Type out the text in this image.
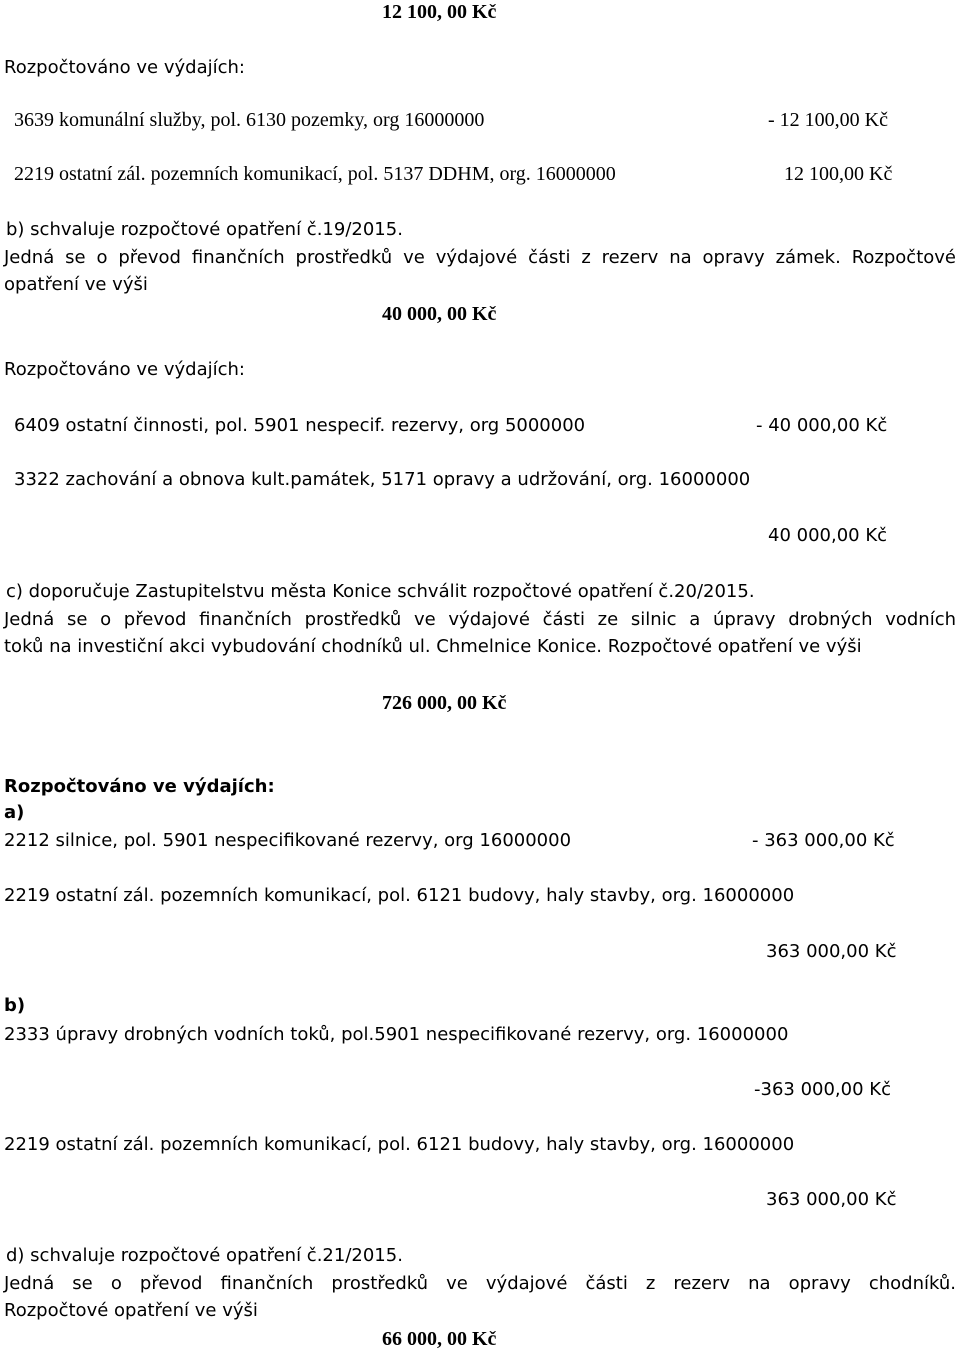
12 100, 00 Kč
Rozpočtováno ve výdajích:
3639 komunální služby, pol. 6130 pozemky, org 16000000	- 12 100,00 Kč
2219 ostatní zál. pozemních komunikací, pol. 5137 DDHM, org. 16000000	12 100,00 Kč
b) schvaluje rozpočtové opatření č.19/2015.
Jedná se o převod finančních prostředků ve výdajové části z rezerv na opravy zámek. Rozpočtové
opatření ve výši
40 000, 00 Kč
Rozpočtováno ve výdajích:
6409 ostatní činnosti, pol. 5901 nespecif. rezervy, org 5000000	- 40 000,00 Kč
3322 zachování a obnova kult.památek, 5171 opravy a udržování, org. 16000000
40 000,00 Kč
c) doporučuje Zastupitelstvu města Konice schválit rozpočtové opatření č.20/2015.
Jedná se o převod finančních prostředků ve výdajové části ze silnic a úpravy drobných vodních
toků na investiční akci vybudování chodníků ul. Chmelnice Konice. Rozpočtové opatření ve výši
726 000, 00 Kč
Rozpočtováno ve výdajích:
a)
2212 silnice, pol. 5901 nespecifikované rezervy, org 16000000	- 363 000,00 Kč
2219 ostatní zál. pozemních komunikací, pol. 6121 budovy, haly stavby, org. 16000000
363 000,00 Kč
b)
2333 úpravy drobných vodních toků, pol.5901 nespecifikované rezervy, org. 16000000
-363 000,00 Kč
2219 ostatní zál. pozemních komunikací, pol. 6121 budovy, haly stavby, org. 16000000
363 000,00 Kč
d) schvaluje rozpočtové opatření č.21/2015.
Jedná se o převod finančních prostředků ve výdajové části z rezerv na opravy chodníků.
Rozpočtové opatření ve výši
66 000, 00 Kč
